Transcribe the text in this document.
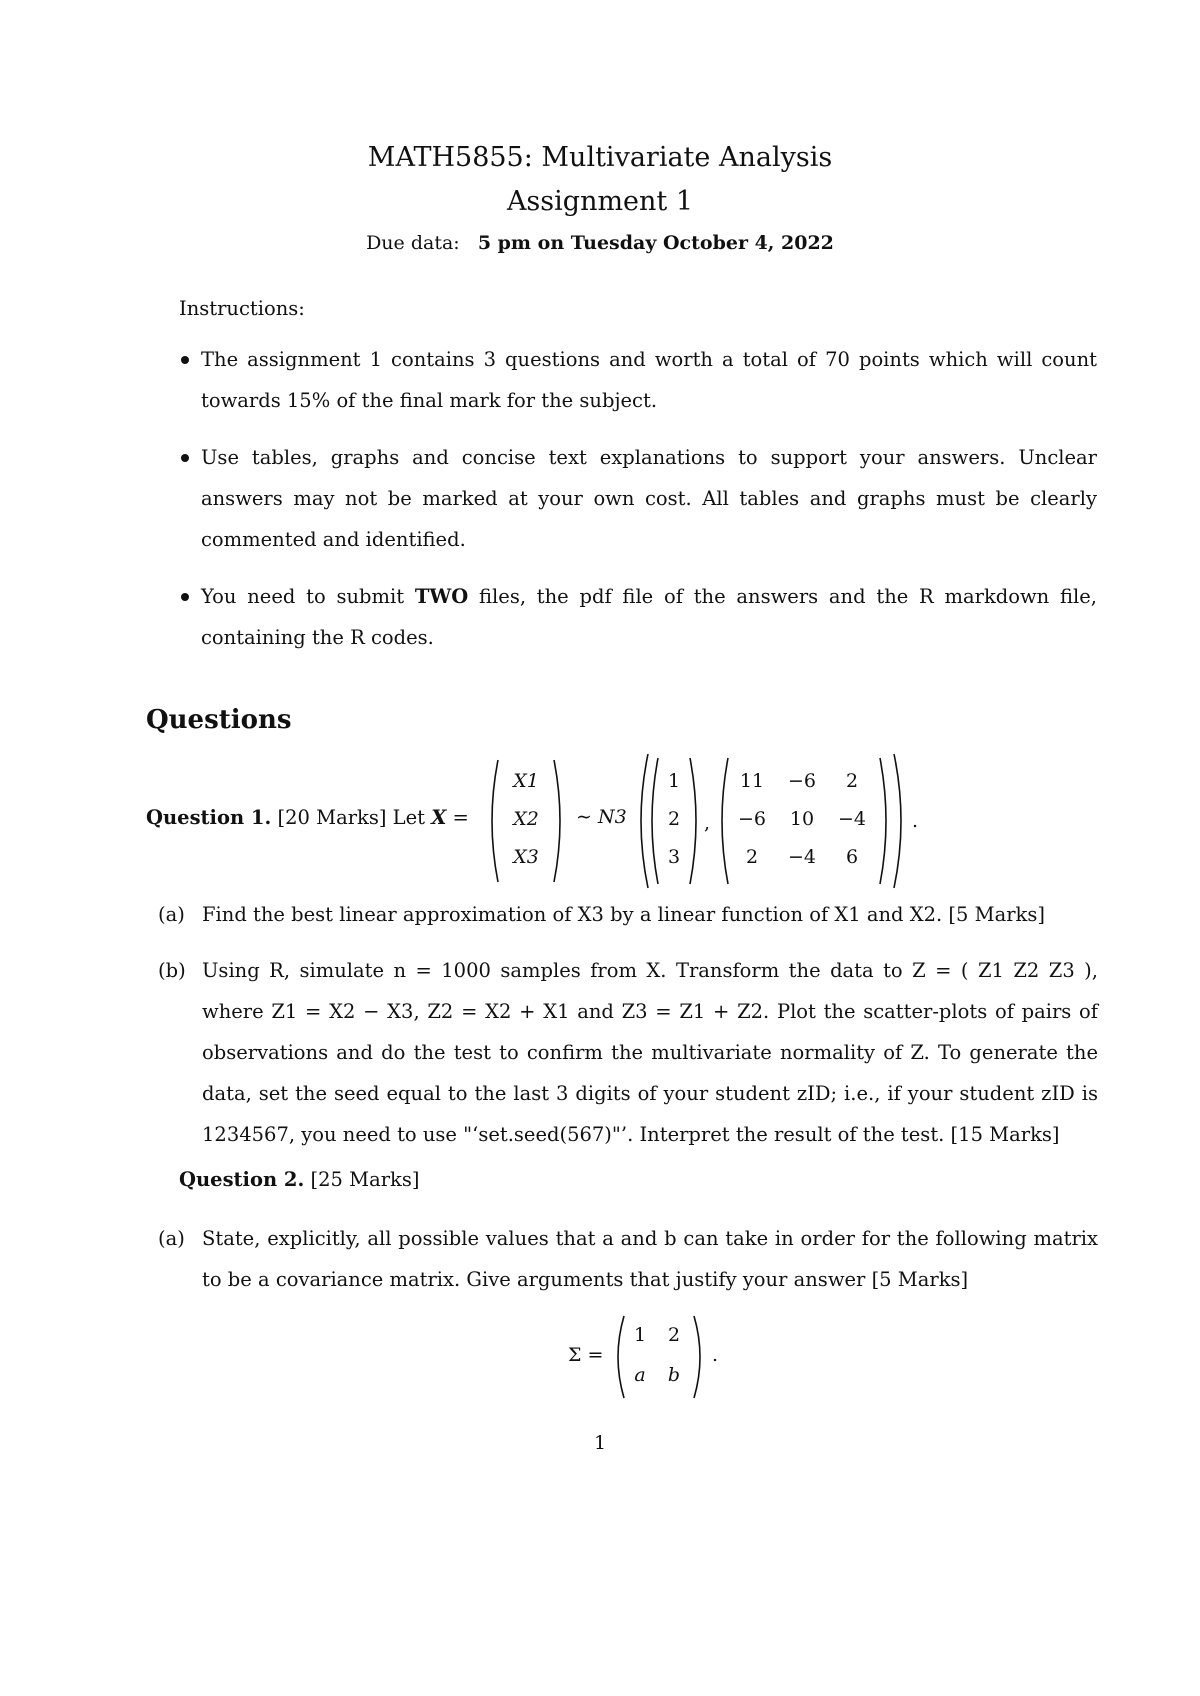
MATH5855: Multivariate Analysis
Assignment 1
Due data: 5 pm on Tuesday October 4, 2022
Instructions:
The assignment 1 contains 3 questions and worth a total of 70 points which will count towards 15% of the final mark for the subject.
Use tables, graphs and concise text explanations to support your answers. Unclear answers may not be marked at your own cost. All tables and graphs must be clearly commented and identified.
You need to submit TWO files, the pdf file of the answers and the R markdown file, containing the R codes.
Questions
Question 1. [20 Marks] Let X =
X1
X2
X3
∼ N3
1
2
3
,
11	−6	2
−6	10	−4
2	−4	6
.
(a) Find the best linear approximation of X3 by a linear function of X1 and X2. [5 Marks]
(b) Using R, simulate n = 1000 samples from X. Transform the data to Z = ( Z1 Z2 Z3 ), where Z1 = X2 − X3, Z2 = X2 + X1 and Z3 = Z1 + Z2. Plot the scatter-plots of pairs of observations and do the test to confirm the multivariate normality of Z. To generate the data, set the seed equal to the last 3 digits of your student zID; i.e., if your student zID is 1234567, you need to use "‘set.seed(567)"’. Interpret the result of the test. [15 Marks]
Question 2. [25 Marks]
(a) State, explicitly, all possible values that a and b can take in order for the following matrix to be a covariance matrix. Give arguments that justify your answer [5 Marks]
Σ =
1	2
a	b
.
1
